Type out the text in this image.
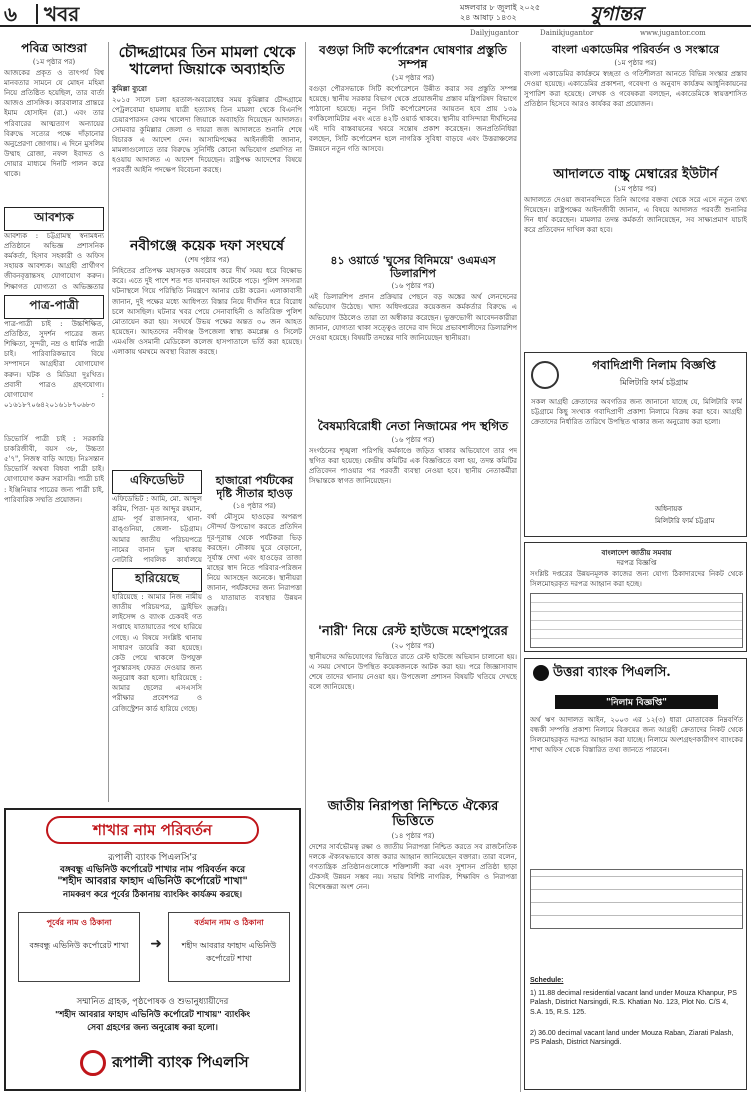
৬ খবর	মঙ্গলবার ৮ জুলাই ২০২৫
২৪ আষাঢ় ১৪৩২	যুগান্তর
Dailyjugantor	Dainikjugantor	www.jugantor.com
পবিত্র আশুরা
(১ম পৃষ্ঠার পর)
আজকের প্রকৃত ও তাৎপর্য বিশ্ব মানবতার সামনে যে মোহন মহিমা নিয়ে প্রতিষ্ঠিত হয়েছিল, তার বার্তা আজও প্রাসঙ্গিক। কারবালার প্রান্তরে ইমাম হোসাইন (রা.) এবং তার পরিবারের আত্মত্যাগ অন্যায়ের বিরুদ্ধে সত্যের পক্ষে দাঁড়ানোর অনুপ্রেরণা জোগায়। এ দিনে মুসলিম উম্মাহ রোজা, নফল ইবাদত ও দোয়ার মাধ্যমে দিনটি পালন করে থাকে।
আবশ্যক
আবশ্যক : চট্টগ্রামস্থ স্বনামধন্য প্রতিষ্ঠানে অভিজ্ঞ প্রশাসনিক কর্মকর্তা, হিসাব সহকারী ও অফিস সহায়ক আবশ্যক। আগ্রহী প্রার্থীগণ জীবনবৃত্তান্তসহ যোগাযোগ করুন। শিক্ষাগত যোগ্যতা ও অভিজ্ঞতার
পাত্র-পাত্রী
পাত্র-পাত্রী চাই : উচ্চশিক্ষিত, প্রতিষ্ঠিত, সুদর্শন পাত্রের জন্য শিক্ষিতা, সুন্দরী, নম্র ও ধার্মিক পাত্রী চাই। পারিবারিকভাবে বিয়ে সম্পাদনে আগ্রহীরা যোগাযোগ করুন। ঘটক ও মিডিয়া দুঃখিত। প্রবাসী পাত্রও গ্রহণযোগ্য। যোগাযোগ : ০১৬১৮৭০৬৪২০১৬১৮৭০৬৮৩
ডিভোর্সি পাত্রী চাই : সরকারি চাকরিজীবী, বয়স ৩৮, উচ্চতা ৫'৭", নিজস্ব বাড়ি আছে। নিঃসন্তান ডিভোর্সি অথবা বিধবা পাত্রী চাই। যোগাযোগ করুন সরাসরি। পাত্রী চাই : ইঞ্জিনিয়ার পাত্রের জন্য পাত্রী চাই, পারিবারিক সম্মতি প্রয়োজন।
এফিডেভিট
এফিডেভিট : আমি, মো. আব্দুল করিম, পিতা- মৃত আব্দুর রহমান, গ্রাম- পূর্ব রাজানগর, থানা- রাঙ্গুনিয়া, জেলা- চট্টগ্রাম। আমার জাতীয় পরিচয়পত্রে নামের বানান ভুল থাকায় নোটারি পাবলিক কার্যালয়ে
হারিয়েছে
হারিয়েছে : আমার নিজ নামীয় জাতীয় পরিচয়পত্র, ড্রাইভিং লাইসেন্স ও ব্যাংক চেকবই গত সপ্তাহে যাতায়াতের পথে হারিয়ে গেছে। এ বিষয়ে সংশ্লিষ্ট থানায় সাধারণ ডায়েরি করা হয়েছে। কেউ পেয়ে থাকলে উপযুক্ত পুরস্কারসহ ফেরত দেওয়ার জন্য অনুরোধ করা হলো। হারিয়েছে : আমার ছেলের এসএসসি পরীক্ষার প্রবেশপত্র ও রেজিস্ট্রেশন কার্ড হারিয়ে গেছে।
চৌদ্দগ্রামের তিন মামলা থেকে খালেদা জিয়াকে অব্যাহতি
কুমিল্লা ব্যুরো
২০১৫ সালে চলা হরতাল-অবরোধের সময় কুমিল্লার চৌদ্দগ্রামে পেট্রলবোমা হামলায় যাত্রী হত্যাসহ তিন মামলা থেকে বিএনপি চেয়ারপারসন বেগম খালেদা জিয়াকে অব্যাহতি দিয়েছেন আদালত। সোমবার কুমিল্লার জেলা ও দায়রা জজ আদালতে শুনানি শেষে বিচারক এ আদেশ দেন। আসামিপক্ষের আইনজীবী জানান, মামলাগুলোতে তার বিরুদ্ধে সুনির্দিষ্ট কোনো অভিযোগ প্রমাণিত না হওয়ায় আদালত এ আদেশ দিয়েছেন। রাষ্ট্রপক্ষ আদেশের বিষয়ে পরবর্তী আইনি পদক্ষেপ বিবেচনা করছে।
নবীগঞ্জে কয়েক দফা সংঘর্ষে
(শেষ পৃষ্ঠার পর)
নিহিতের প্রতিপক্ষ মহাসড়ক অবরোধ করে দীর্ঘ সময় ধরে বিক্ষোভ করে। এতে দুই পাশে শত শত যানবাহন আটকে পড়ে। পুলিশ সদস্যরা ঘটনাস্থলে গিয়ে পরিস্থিতি নিয়ন্ত্রণে আনার চেষ্টা করেন। এলাকাবাসী জানান, দুই পক্ষের মধ্যে আধিপত্য বিস্তার নিয়ে দীর্ঘদিন ধরে বিরোধ চলে আসছিল। ঘটনার খবর পেয়ে সেনাবাহিনী ও অতিরিক্ত পুলিশ মোতায়েন করা হয়। সংঘর্ষে উভয় পক্ষের অন্তত ৩০ জন আহত হয়েছেন। আহতদের নবীগঞ্জ উপজেলা স্বাস্থ্য কমপ্লেক্স ও সিলেট এমএজি ওসমানী মেডিকেল কলেজ হাসপাতালে ভর্তি করা হয়েছে। এলাকায় থমথমে অবস্থা বিরাজ করছে।
হাজারো পর্যটকের দৃষ্টি সীতার হাওড়
(১৪ পৃষ্ঠার পর)
বর্ষা মৌসুমে হাওড়ের অপরূপ সৌন্দর্য উপভোগ করতে প্রতিদিন দূর-দূরান্ত থেকে পর্যটকরা ভিড় করছেন। নৌকায় ঘুরে বেড়ানো, সূর্যাস্ত দেখা এবং হাওড়ের তাজা মাছের স্বাদ নিতে পরিবার-পরিজন নিয়ে আসছেন অনেকে। স্থানীয়রা জানান, পর্যটকদের জন্য নিরাপত্তা ও যাতায়াত ব্যবস্থার উন্নয়ন জরুরি।
বগুড়া সিটি কর্পোরেশন ঘোষণার প্রস্তুতি সম্পন্ন
(১ম পৃষ্ঠার পর)
বগুড়া পৌরসভাকে সিটি কর্পোরেশনে উন্নীত করার সব প্রস্তুতি সম্পন্ন হয়েছে। স্থানীয় সরকার বিভাগ থেকে প্রয়োজনীয় প্রস্তাব মন্ত্রিপরিষদ বিভাগে পাঠানো হয়েছে। নতুন সিটি কর্পোরেশনের আয়তন হবে প্রায় ১৩৯ বর্গকিলোমিটার এবং এতে ৪২টি ওয়ার্ড থাকবে। স্থানীয় বাসিন্দারা দীর্ঘদিনের এই দাবি বাস্তবায়নের খবরে সন্তোষ প্রকাশ করেছেন। জনপ্রতিনিধিরা বলছেন, সিটি কর্পোরেশন হলে নাগরিক সুবিধা বাড়বে এবং উত্তরাঞ্চলের উন্নয়নে নতুন গতি আসবে।
৪১ ওয়ার্ডে 'ঘুসের বিনিময়ে' ওএমএস ডিলারশিপ
(১৬ পৃষ্ঠার পর)
এই ডিলারশিপ প্রদান প্রক্রিয়ার পেছনে বড় অঙ্কের অর্থ লেনদেনের অভিযোগ উঠেছে। খাদ্য অধিদপ্তরের কয়েকজন কর্মকর্তার বিরুদ্ধে এ অভিযোগ উঠলেও তারা তা অস্বীকার করেছেন। ভুক্তভোগী আবেদনকারীরা জানান, যোগ্যতা থাকা সত্ত্বেও তাদের বাদ দিয়ে প্রভাবশালীদের ডিলারশিপ দেওয়া হয়েছে। বিষয়টি তদন্তের দাবি জানিয়েছেন স্থানীয়রা।
বৈষম্যবিরোধী নেতা নিজামের পদ স্থগিত
(১৬ পৃষ্ঠার পর)
সংগঠনের শৃঙ্খলা পরিপন্থি কর্মকাণ্ডে জড়িত থাকার অভিযোগে তার পদ স্থগিত করা হয়েছে। কেন্দ্রীয় কমিটির এক বিজ্ঞপ্তিতে বলা হয়, তদন্ত কমিটির প্রতিবেদন পাওয়ার পর পরবর্তী ব্যবস্থা নেওয়া হবে। স্থানীয় নেতাকর্মীরা সিদ্ধান্তকে স্বাগত জানিয়েছেন।
'নারী' নিয়ে রেস্ট হাউজে মহেশপুরের
(২০ পৃষ্ঠার পর)
স্থানীয়দের অভিযোগের ভিত্তিতে রাতে রেস্ট হাউজে অভিযান চালানো হয়। এ সময় সেখানে উপস্থিত কয়েকজনকে আটক করা হয়। পরে জিজ্ঞাসাবাদ শেষে তাদের থানায় নেওয়া হয়। উপজেলা প্রশাসন বিষয়টি খতিয়ে দেখছে বলে জানিয়েছে।
জাতীয় নিরাপত্তা নিশ্চিতে ঐক্যের ভিত্তিতে
(১৪ পৃষ্ঠার পর)
দেশের সার্বভৌমত্ব রক্ষা ও জাতীয় নিরাপত্তা নিশ্চিত করতে সব রাজনৈতিক দলকে ঐক্যবদ্ধভাবে কাজ করার আহ্বান জানিয়েছেন বক্তারা। তারা বলেন, গণতান্ত্রিক প্রতিষ্ঠানগুলোকে শক্তিশালী করা এবং সুশাসন প্রতিষ্ঠা ছাড়া টেকসই উন্নয়ন সম্ভব নয়। সভায় বিশিষ্ট নাগরিক, শিক্ষাবিদ ও নিরাপত্তা বিশেষজ্ঞরা অংশ নেন।
বাংলা একাডেমির পরিবর্তন ও সংস্কারে
(১ম পৃষ্ঠার পর)
বাংলা একাডেমির কার্যক্রমে স্বচ্ছতা ও গতিশীলতা আনতে বিভিন্ন সংস্কার প্রস্তাব দেওয়া হয়েছে। একাডেমির প্রকাশনা, গবেষণা ও অনুবাদ কার্যক্রম আধুনিকায়নের সুপারিশ করা হয়েছে। লেখক ও গবেষকরা বলছেন, একাডেমিকে স্বায়ত্তশাসিত প্রতিষ্ঠান হিসেবে আরও কার্যকর করা প্রয়োজন।
আদালতে বাচ্চু মেম্বারের ইউটার্ন
(১ম পৃষ্ঠার পর)
আদালতে দেওয়া জবানবন্দিতে তিনি আগের বক্তব্য থেকে সরে এসে নতুন তথ্য দিয়েছেন। রাষ্ট্রপক্ষের আইনজীবী জানান, এ বিষয়ে আদালত পরবর্তী শুনানির দিন ধার্য করেছেন। মামলার তদন্ত কর্মকর্তা জানিয়েছেন, সব সাক্ষ্যপ্রমাণ যাচাই করে প্রতিবেদন দাখিল করা হবে।
গবাদিপ্রাণী নিলাম বিজ্ঞপ্তি
মিলিটারি ফার্ম চট্টগ্রাম
সকল আগ্রহী ক্রেতাদের অবগতির জন্য জানানো যাচ্ছে যে, মিলিটারি ফার্ম চট্টগ্রামে কিছু সংখ্যক গবাদিপ্রাণী প্রকাশ্য নিলামে বিক্রয় করা হবে। আগ্রহী ক্রেতাদের নির্ধারিত তারিখে উপস্থিত থাকার জন্য অনুরোধ করা হলো।
অধিনায়ক
মিলিটারি ফার্ম চট্টগ্রাম
বাংলাদেশ জাতীয় সমবায়
দরপত্র বিজ্ঞপ্তি
সংশ্লিষ্ট দপ্তরের উন্নয়নমূলক কাজের জন্য যোগ্য ঠিকাদারদের নিকট থেকে সিলমোহরকৃত দরপত্র আহ্বান করা হচ্ছে।
উত্তরা ব্যাংক পিএলসি.
"নিলাম বিজ্ঞপ্তি"
অর্থ ঋণ আদালত আইন, ২০০৩ এর ১২(৩) ধারা মোতাবেক নিম্নবর্ণিত বন্ধকী সম্পত্তি প্রকাশ্য নিলামে বিক্রয়ের জন্য আগ্রহী ক্রেতাদের নিকট থেকে সিলমোহরকৃত দরপত্র আহ্বান করা যাচ্ছে। নিলামে অংশগ্রহণকারীগণ ব্যাংকের শাখা অফিস থেকে বিস্তারিত তথ্য জানতে পারবেন।
Schedule:
1) 11.88 decimal residential vacant land under Mouza Khanpur, PS Palash, District Narsingdi, R.S. Khatian No. 123, Plot No. C/S 4, S.A. 15, R.S. 125.
2) 36.00 decimal vacant land under Mouza Raban, Ziarati Palash, PS Palash, District Narsingdi.
শাখার নাম পরিবর্তন
রূপালী ব্যাংক পিএলসি'র
বঙ্গবন্ধু এভিনিউ কর্পোরেট শাখার নাম পরিবর্তন করে
"শহীদ আবরার ফাহাদ এভিনিউ কর্পোরেট শাখা"
নামকরণ করে পূর্বের ঠিকানায় ব্যাংকিং কার্যক্রম করছে।
পূর্বের নাম ও ঠিকানা
বঙ্গবন্ধু এভিনিউ কর্পোরেট শাখা	➜
বর্তমান নাম ও ঠিকানা
শহীদ আবরার ফাহাদ এভিনিউ কর্পোরেট শাখা
সম্মানিত গ্রাহক, পৃষ্ঠপোষক ও শুভানুধ্যায়ীদের
"শহীদ আবরার ফাহাদ এভিনিউ কর্পোরেট শাখায়" ব্যাংকিং
সেবা গ্রহণের জন্য অনুরোধ করা হলো।
রূপালী ব্যাংক পিএলসি
